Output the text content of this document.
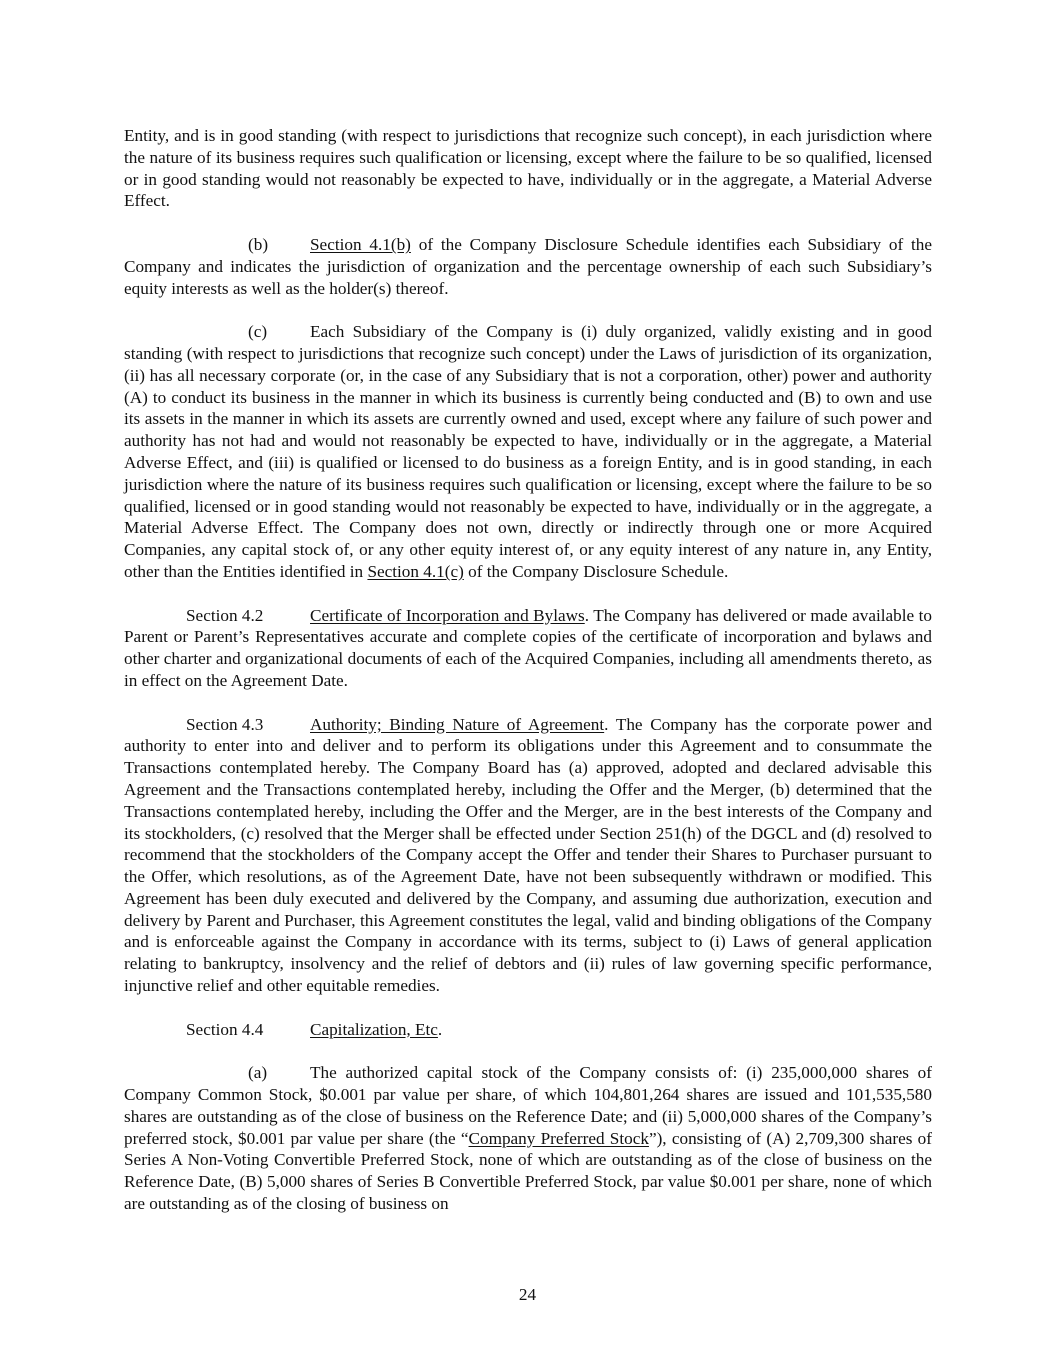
Entity, and is in good standing (with respect to jurisdictions that recognize such concept), in each jurisdiction where the nature of its business requires such qualification or licensing, except where the failure to be so qualified, licensed or in good standing would not reasonably be expected to have, individually or in the aggregate, a Material Adverse Effect.

(b) Section 4.1(b) of the Company Disclosure Schedule identifies each Subsidiary of the Company and indicates the jurisdiction of organization and the percentage ownership of each such Subsidiary’s equity interests as well as the holder(s) thereof.

(c) Each Subsidiary of the Company is (i) duly organized, validly existing and in good standing (with respect to jurisdictions that recognize such concept) under the Laws of jurisdiction of its organization, (ii) has all necessary corporate (or, in the case of any Subsidiary that is not a corporation, other) power and authority (A) to conduct its business in the manner in which its business is currently being conducted and (B) to own and use its assets in the manner in which its assets are currently owned and used, except where any failure of such power and authority has not had and would not reasonably be expected to have, individually or in the aggregate, a Material Adverse Effect, and (iii) is qualified or licensed to do business as a foreign Entity, and is in good standing, in each jurisdiction where the nature of its business requires such qualification or licensing, except where the failure to be so qualified, licensed or in good standing would not reasonably be expected to have, individually or in the aggregate, a Material Adverse Effect. The Company does not own, directly or indirectly through one or more Acquired Companies, any capital stock of, or any other equity interest of, or any equity interest of any nature in, any Entity, other than the Entities identified in Section 4.1(c) of the Company Disclosure Schedule.

Section 4.2	Certificate of Incorporation and Bylaws. The Company has delivered or made available to Parent or Parent’s Representatives accurate and complete copies of the certificate of incorporation and bylaws and other charter and organizational documents of each of the Acquired Companies, including all amendments thereto, as in effect on the Agreement Date.

Section 4.3	Authority; Binding Nature of Agreement. The Company has the corporate power and authority to enter into and deliver and to perform its obligations under this Agreement and to consummate the Transactions contemplated hereby. The Company Board has (a) approved, adopted and declared advisable this Agreement and the Transactions contemplated hereby, including the Offer and the Merger, (b) determined that the Transactions contemplated hereby, including the Offer and the Merger, are in the best interests of the Company and its stockholders, (c) resolved that the Merger shall be effected under Section 251(h) of the DGCL and (d) resolved to recommend that the stockholders of the Company accept the Offer and tender their Shares to Purchaser pursuant to the Offer, which resolutions, as of the Agreement Date, have not been subsequently withdrawn or modified. This Agreement has been duly executed and delivered by the Company, and assuming due authorization, execution and delivery by Parent and Purchaser, this Agreement constitutes the legal, valid and binding obligations of the Company and is enforceable against the Company in accordance with its terms, subject to (i) Laws of general application relating to bankruptcy, insolvency and the relief of debtors and (ii) rules of law governing specific performance, injunctive relief and other equitable remedies.

Section 4.4	Capitalization, Etc.

(a) The authorized capital stock of the Company consists of: (i) 235,000,000 shares of Company Common Stock, $0.001 par value per share, of which 104,801,264 shares are issued and 101,535,580 shares are outstanding as of the close of business on the Reference Date; and (ii) 5,000,000 shares of the Company’s preferred stock, $0.001 par value per share (the “Company Preferred Stock”), consisting of (A) 2,709,300 shares of Series A Non-Voting Convertible Preferred Stock, none of which are outstanding as of the close of business on the Reference Date, (B) 5,000 shares of Series B Convertible Preferred Stock, par value $0.001 per share, none of which are outstanding as of the closing of business on

24
